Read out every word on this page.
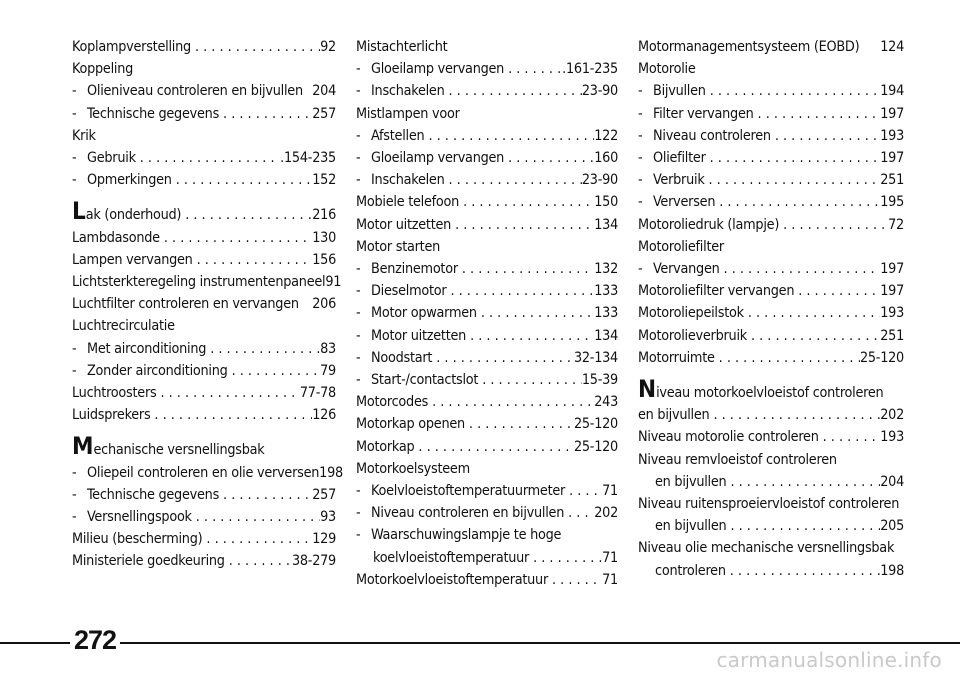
Koplampverstelling . . .	92
Koppeling
- Olieniveau controleren en bijvullen 204
- Technische gegevens . . .	257
Krik
- Gebruik . . .	.154-235
- Opmerkingen . . .	152
Lak (onderhoud) . . .	216
Lambdasonde . . .	130
Lampen vervangen . . .	156
Lichtsterkteregeling instrumentenpaneel 91
Luchtfilter controleren en vervangen 206
Luchtrecirculatie
- Met airconditioning . . .	83
- Zonder airconditioning . . .	79
Luchtroosters . . .	77-78
Luidsprekers . . .	126
Mechanische versnellingsbak
- Oliepeil controleren en olie verversen 198
- Technische gegevens . . .	257
- Versnellingspook . . .	93
Milieu (bescherming) . . .	129
Ministeriele goedkeuring . . .	38-279
Mistachterlicht
- Gloeilamp vervangen . . .	.161-235
- Inschakelen . . .	23-90
Mistlampen voor
- Afstellen . . .	122
- Gloeilamp vervangen . . .	160
- Inschakelen . . .	23-90
Mobiele telefoon . . .	150
Motor uitzetten . . .	134
Motor starten
- Benzinemotor . . .	132
- Dieselmotor . . .	133
- Motor opwarmen . . .	133
- Motor uitzetten . . .	134
- Noodstart . . .	32-134
- Start-/contactslot . . .	15-39
Motorcodes . . .	243
Motorkap openen . . .	25-120
Motorkap . . .	25-120
Motorkoelsysteem
- Koelvloeistoftemperatuurmeter . . .	71
- Niveau controleren en bijvullen . . . 202
- Waarschuwingslampje te hoge
koelvloeistoftemperatuur . . .	71
Motorkoelvloeistoftemperatuur . . .	71
Motormanagementsysteem (EOBD) 124
Motorolie
- Bijvullen . . .	194
- Filter vervangen . . .	197
- Niveau controleren . . .	193
- Oliefilter . . .	197
- Verbruik . . .	251
- Verversen . . .	195
Motoroliedruk (lampje) . . .	72
Motoroliefilter
- Vervangen . . .	197
Motoroliefilter vervangen . . .	197
Motoroliepeilstok . . .	193
Motorolieverbruik . . .	251
Motorruimte . . .	25-120
Niveau motorkoelvloeistof controleren
en bijvullen . . .	202
Niveau motorolie controleren . . .	193
Niveau remvloeistof controleren
en bijvullen . . .	204
Niveau ruitensproeiervloeistof controleren
en bijvullen . . .	205
Niveau olie mechanische versnellingsbak
controleren . . .	198
272
carmanualsonline.info
